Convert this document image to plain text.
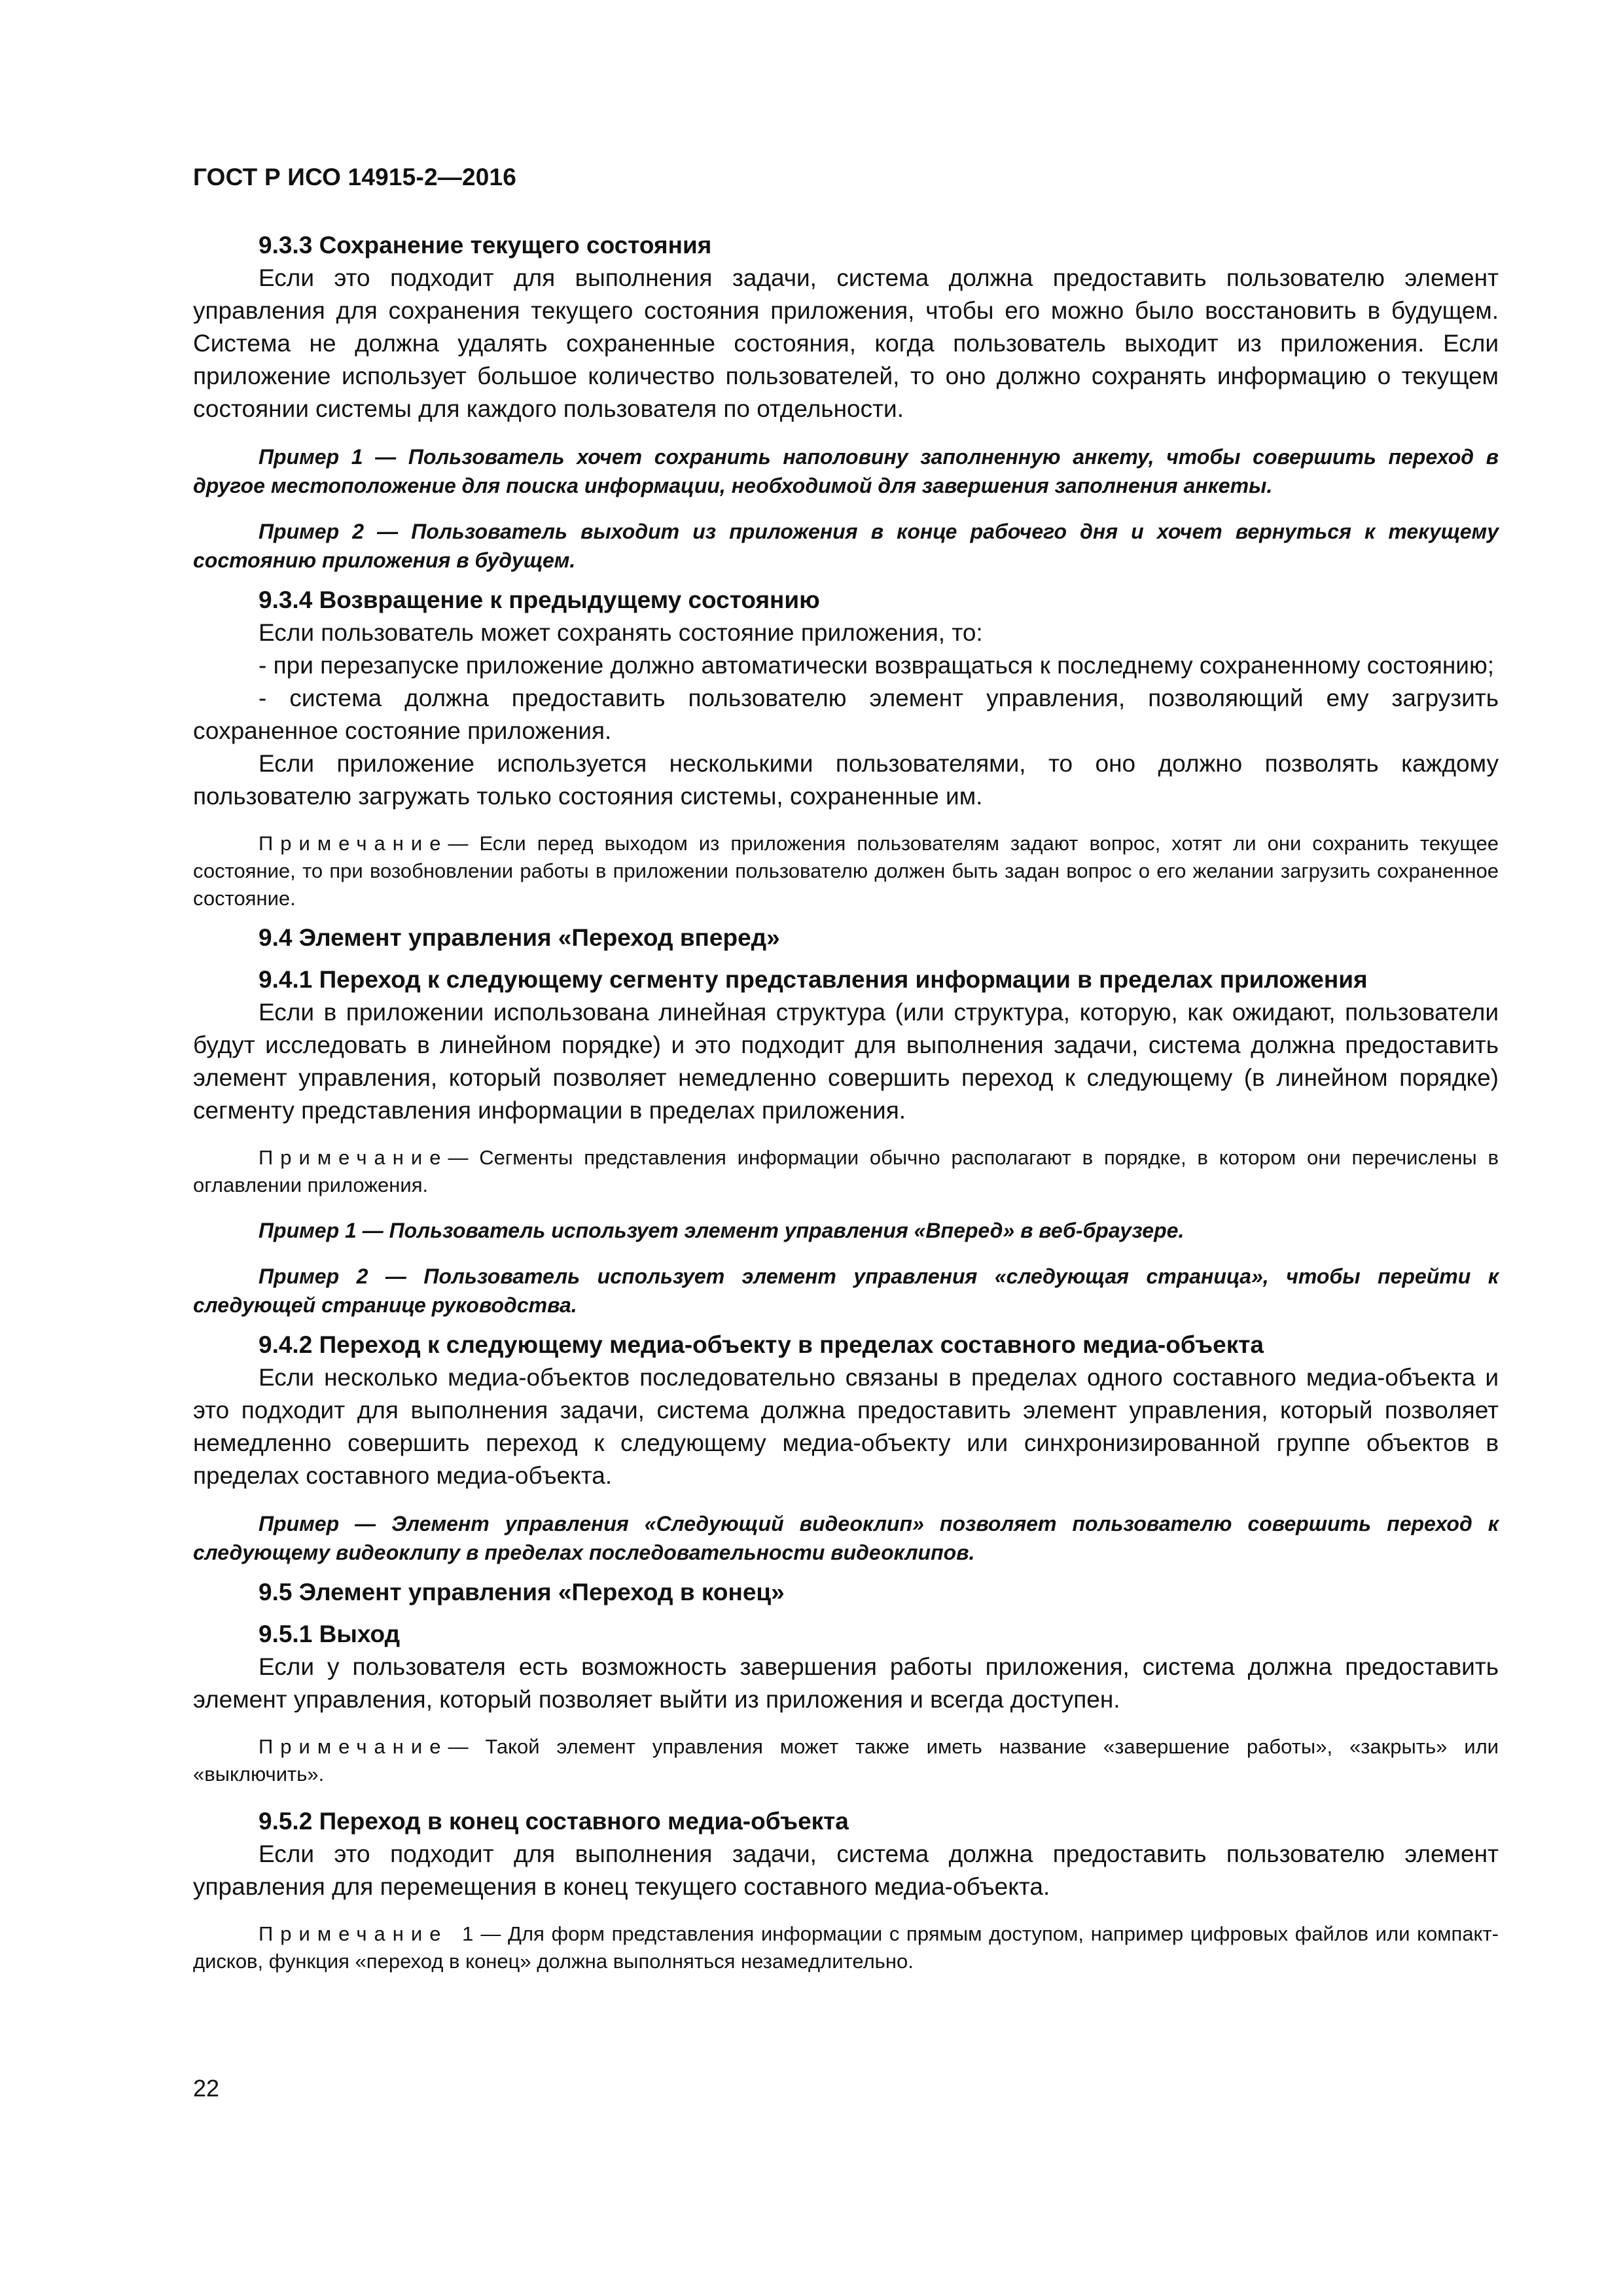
ГОСТ Р ИСО 14915-2—2016
9.3.3 Сохранение текущего состояния
Если это подходит для выполнения задачи, система должна предоставить пользователю элемент управления для сохранения текущего состояния приложения, чтобы его можно было восстановить в будущем. Система не должна удалять сохраненные состояния, когда пользователь выходит из приложения. Если приложение использует большое количество пользователей, то оно должно сохранять информацию о текущем состоянии системы для каждого пользователя по отдельности.
Пример 1 — Пользователь хочет сохранить наполовину заполненную анкету, чтобы совершить переход в другое местоположение для поиска информации, необходимой для завершения заполнения анкеты.
Пример 2 — Пользователь выходит из приложения в конце рабочего дня и хочет вернуться к текущему состоянию приложения в будущем.
9.3.4 Возвращение к предыдущему состоянию
Если пользователь может сохранять состояние приложения, то:
- при перезапуске приложение должно автоматически возвращаться к последнему сохраненному состоянию;
- система должна предоставить пользователю элемент управления, позволяющий ему загрузить сохраненное состояние приложения.
Если приложение используется несколькими пользователями, то оно должно позволять каждому пользователю загружать только состояния системы, сохраненные им.
Примечание— Если перед выходом из приложения пользователям задают вопрос, хотят ли они сохранить текущее состояние, то при возобновлении работы в приложении пользователю должен быть задан вопрос о его желании загрузить сохраненное состояние.
9.4 Элемент управления «Переход вперед»
9.4.1 Переход к следующему сегменту представления информации в пределах приложения
Если в приложении использована линейная структура (или структура, которую, как ожидают, пользователи будут исследовать в линейном порядке) и это подходит для выполнения задачи, система должна предоставить элемент управления, который позволяет немедленно совершить переход к следующему (в линейном порядке) сегменту представления информации в пределах приложения.
Примечание— Сегменты представления информации обычно располагают в порядке, в котором они перечислены в оглавлении приложения.
Пример 1 — Пользователь использует элемент управления «Вперед» в веб-браузере.
Пример 2 — Пользователь использует элемент управления «следующая страница», чтобы перейти к следующей странице руководства.
9.4.2 Переход к следующему медиа-объекту в пределах составного медиа-объекта
Если несколько медиа-объектов последовательно связаны в пределах одного составного медиа-объекта и это подходит для выполнения задачи, система должна предоставить элемент управления, который позволяет немедленно совершить переход к следующему медиа-объекту или синхронизированной группе объектов в пределах составного медиа-объекта.
Пример — Элемент управления «Следующий видеоклип» позволяет пользователю совершить переход к следующему видеоклипу в пределах последовательности видеоклипов.
9.5 Элемент управления «Переход в конец»
9.5.1 Выход
Если у пользователя есть возможность завершения работы приложения, система должна предоставить элемент управления, который позволяет выйти из приложения и всегда доступен.
Примечание— Такой элемент управления может также иметь название «завершение работы», «закрыть» или «выключить».
9.5.2 Переход в конец составного медиа-объекта
Если это подходит для выполнения задачи, система должна предоставить пользователю элемент управления для перемещения в конец текущего составного медиа-объекта.
Примечание 1— Для форм представления информации с прямым доступом, например цифровых файлов или компакт-дисков, функция «переход в конец» должна выполняться незамедлительно.
22
